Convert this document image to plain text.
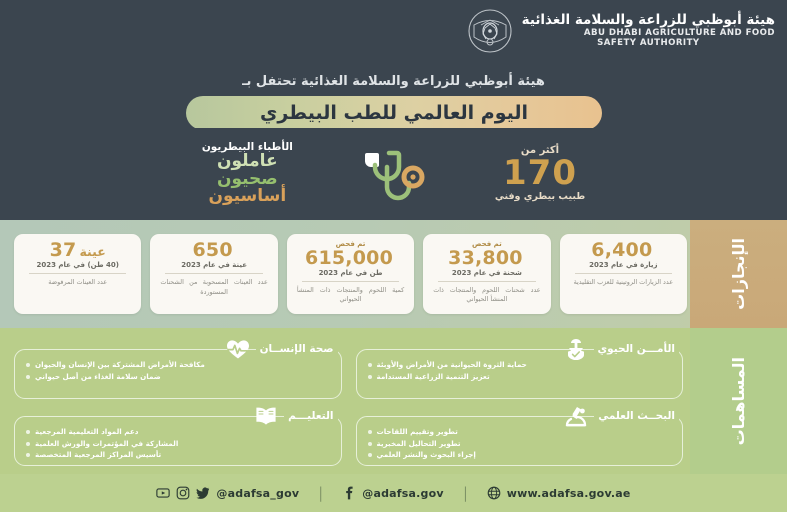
هيئة أبوظبي للزراعة والسلامة الغذائية
ABU DHABI AGRICULTURE AND FOOD
SAFETY AUTHORITY
هيئة أبوظبي للزراعة والسلامة الغذائية تحتفل بـ
اليوم العالمي للطب البيطري
الأطباء البيطريون
عاملون
صحيون
أساسيون
أكثر من
170
طبيب بيطري وفني
الإنجازات
37 عينة
(40 طن) في عام 2023
عدد العينات المرفوضة
650
عينة في عام 2023
عدد العينات المسحوبة من الشحنات المستوردة
تم فحص
615,000
طن في عام 2023
كمية اللحوم والمنتجات ذات المنشأ الحيواني
تم فحص
33,800
شحنة في عام 2023
عدد شحنات اللحوم والمنتجات ذات المنشأ الحيواني
6,400
زيارة في عام 2023
عدد الزيارات الروتينية للعزب التقليدية
المساهمات
الأمـــن الحيوي
حماية الثروة الحيوانية من الأمراض والأوبئة
تعزيز التنمية الزراعية المستدامة
صحة الإنســان
مكافحة الأمراض المشتركة بين الإنسان والحيوان
ضمان سلامة الغذاء من أصل حيواني
البحــث العلمي
تطوير وتقييم اللقاحات
تطوير التحاليل المخبرية
إجراء البحوث والنشر العلمي
التعليـــم
دعم المواد التعليمية المرجعية
المشاركة في المؤتمرات والورش العلمية
تأسيس المراكز المرجعية المتخصصة
@adafsa_gov	|	@adafsa.gov	|	www.adafsa.gov.ae
